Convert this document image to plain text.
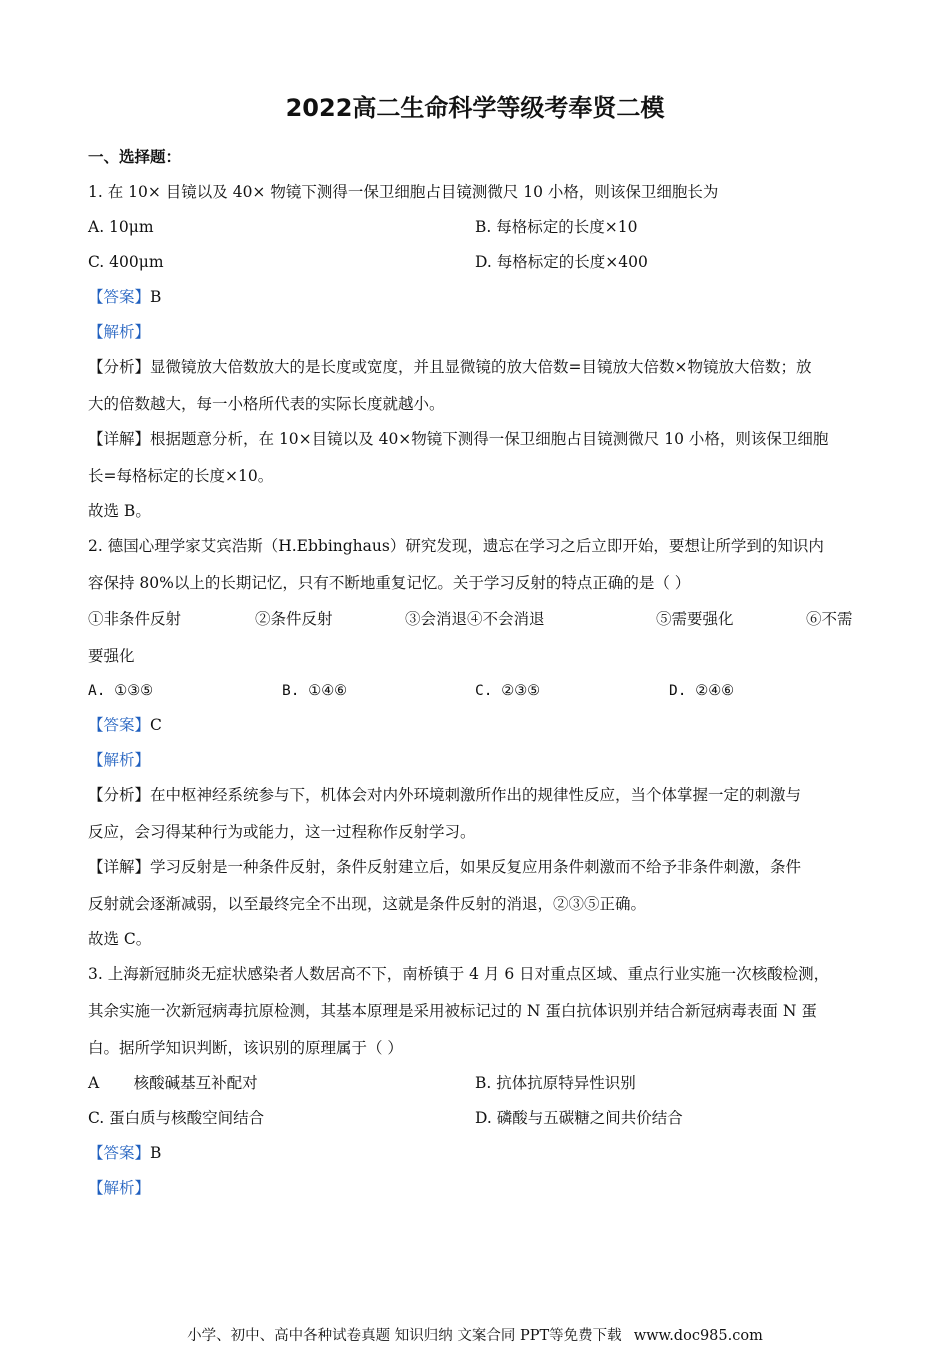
2022高二生命科学等级考奉贤二模
一、选择题：
1. 在 10× 目镜以及 40× 物镜下测得一保卫细胞占目镜测微尺 10 小格，则该保卫细胞长为
A. 10μm	B. 每格标定的长度×10
C. 400μm	D. 每格标定的长度×400
【答案】B
【解析】
【分析】显微镜放大倍数放大的是长度或宽度，并且显微镜的放大倍数=目镜放大倍数×物镜放大倍数；放
大的倍数越大，每一小格所代表的实际长度就越小。
【详解】根据题意分析，在 10×目镜以及 40×物镜下测得一保卫细胞占目镜测微尺 10 小格，则该保卫细胞
长=每格标定的长度×10。
故选 B。
2. 德国心理学家艾宾浩斯（H.Ebbinghaus）研究发现，遗忘在学习之后立即开始，要想让所学到的知识内
容保持 80%以上的长期记忆，只有不断地重复记忆。关于学习反射的特点正确的是（ ）
①非条件反射	②条件反射	③会消退④不会消退	⑤需要强化	⑥不需
要强化
A. ①③⑤	B. ①④⑥	C. ②③⑤	D. ②④⑥
【答案】C
【解析】
【分析】在中枢神经系统参与下，机体会对内外环境刺激所作出的规律性反应，当个体掌握一定的刺激与
反应，会习得某种行为或能力，这一过程称作反射学习。
【详解】学习反射是一种条件反射，条件反射建立后，如果反复应用条件刺激而不给予非条件刺激，条件
反射就会逐渐减弱，以至最终完全不出现，这就是条件反射的消退，②③⑤正确。
故选 C。
3. 上海新冠肺炎无症状感染者人数居高不下，南桥镇于 4 月 6 日对重点区域、重点行业实施一次核酸检测，
其余实施一次新冠病毒抗原检测，其基本原理是采用被标记过的 N 蛋白抗体识别并结合新冠病毒表面 N 蛋
白。据所学知识判断，该识别的原理属于（ ）
A       核酸碱基互补配对	B. 抗体抗原特异性识别
C. 蛋白质与核酸空间结合	D. 磷酸与五碳糖之间共价结合
【答案】B
【解析】
小学、初中、高中各种试卷真题 知识归纳 文案合同 PPT等免费下载 www.doc985.com
